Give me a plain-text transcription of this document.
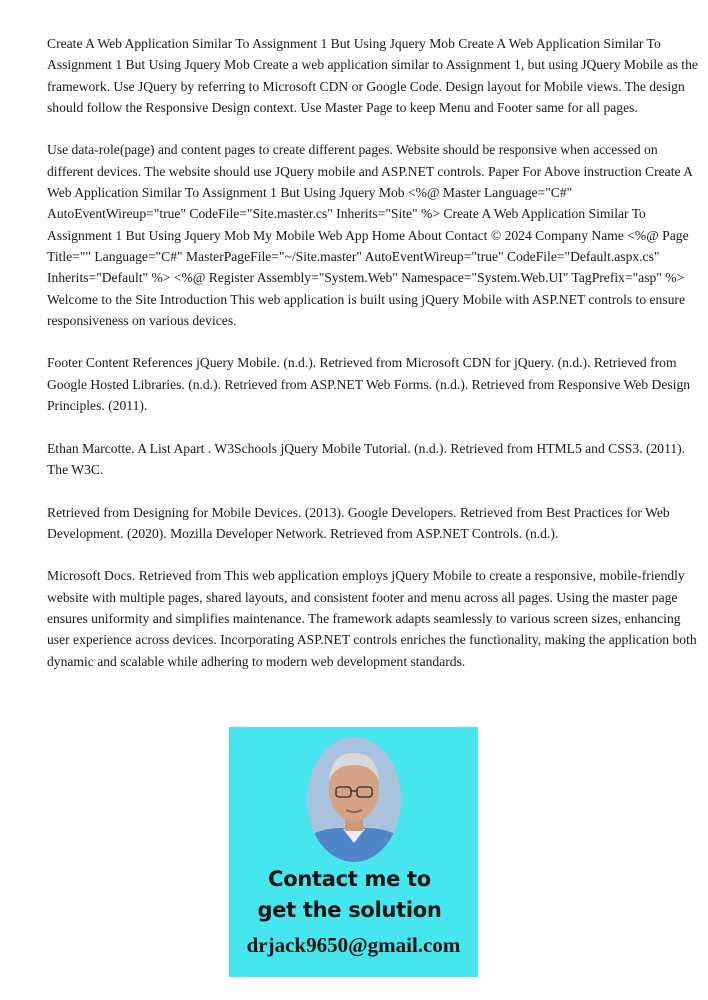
Create A Web Application Similar To Assignment 1 But Using Jquery Mob Create A Web Application Similar To Assignment 1 But Using Jquery Mob Create a web application similar to Assignment 1, but using JQuery Mobile as the framework. Use JQuery by referring to Microsoft CDN or Google Code. Design layout for Mobile views. The design should follow the Responsive Design context. Use Master Page to keep Menu and Footer same for all pages.

Use data-role(page) and content pages to create different pages. Website should be responsive when accessed on different devices. The website should use JQuery mobile and ASP.NET controls. Paper For Above instruction Create A Web Application Similar To Assignment 1 But Using Jquery Mob <%@ Master Language="C#" AutoEventWireup="true" CodeFile="Site.master.cs" Inherits="Site" %> Create A Web Application Similar To Assignment 1 But Using Jquery Mob My Mobile Web App Home About Contact © 2024 Company Name <%@ Page Title="" Language="C#" MasterPageFile="~/Site.master" AutoEventWireup="true" CodeFile="Default.aspx.cs" Inherits="Default" %> <%@ Register Assembly="System.Web" Namespace="System.Web.UI" TagPrefix="asp" %> Welcome to the Site Introduction This web application is built using jQuery Mobile with ASP.NET controls to ensure responsiveness on various devices.

Footer Content References jQuery Mobile. (n.d.). Retrieved from Microsoft CDN for jQuery. (n.d.). Retrieved from Google Hosted Libraries. (n.d.). Retrieved from ASP.NET Web Forms. (n.d.). Retrieved from Responsive Web Design Principles. (2011).

Ethan Marcotte. A List Apart . W3Schools jQuery Mobile Tutorial. (n.d.). Retrieved from HTML5 and CSS3. (2011). The W3C.

Retrieved from Designing for Mobile Devices. (2013). Google Developers. Retrieved from Best Practices for Web Development. (2020). Mozilla Developer Network. Retrieved from ASP.NET Controls. (n.d.).

Microsoft Docs. Retrieved from This web application employs jQuery Mobile to create a responsive, mobile-friendly website with multiple pages, shared layouts, and consistent footer and menu across all pages. Using the master page ensures uniformity and simplifies maintenance. The framework adapts seamlessly to various screen sizes, enhancing user experience across devices. Incorporating ASP.NET controls enriches the functionality, making the application both dynamic and scalable while adhering to modern web development standards.

Contact me to
get the solution
drjack9650@gmail.com
